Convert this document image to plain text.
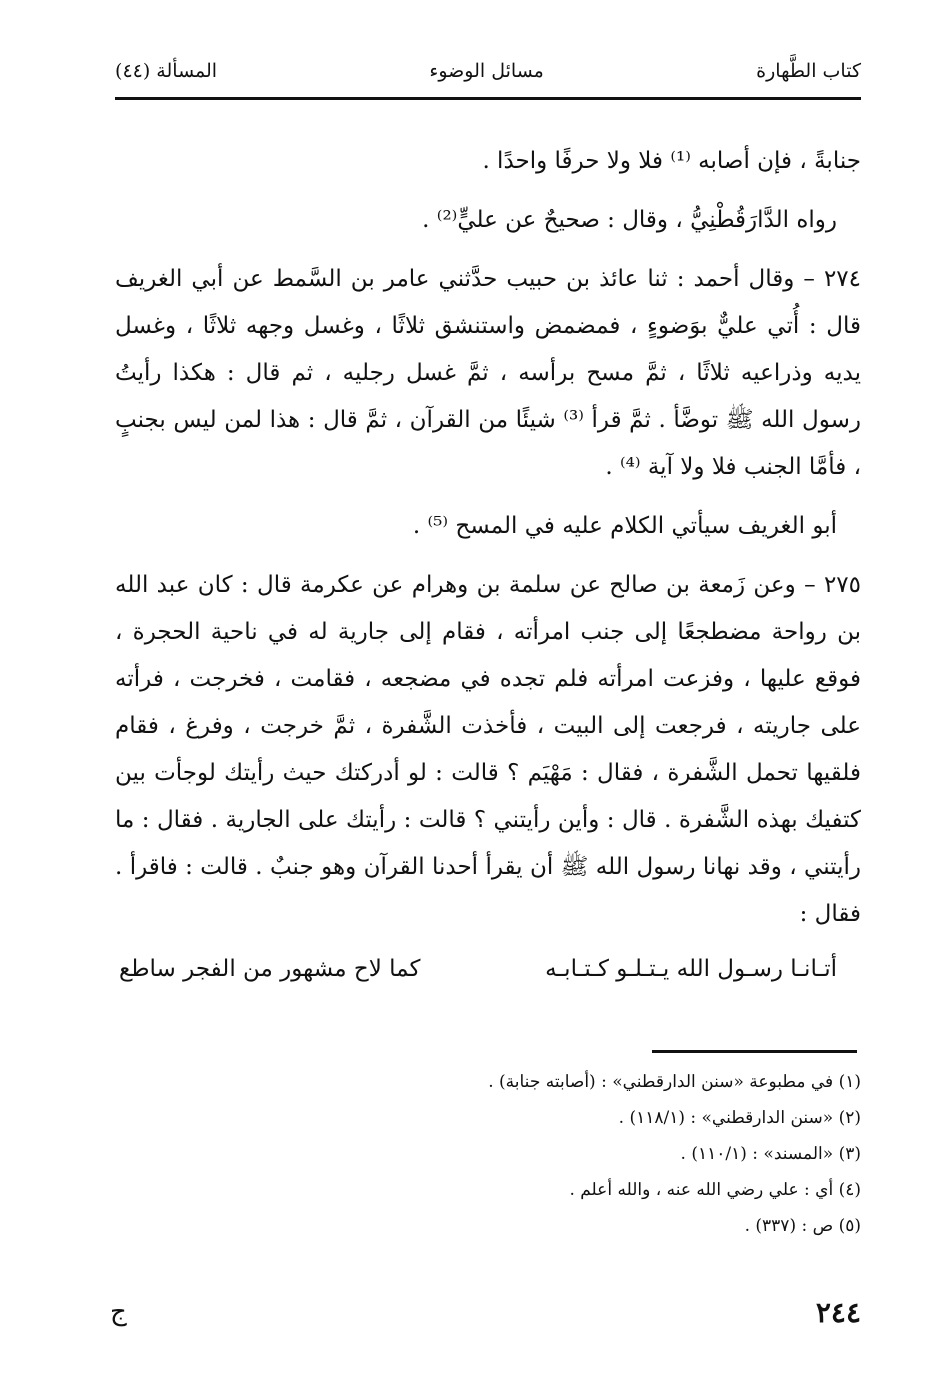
كتاب الطَّهارة
مسائل الوضوء
المسألة (٤٤)

جنابةً ، فإن أصابه ⁽¹⁾ فلا ولا حرفًا واحدًا .

رواه الدَّارَقُطْنِيُّ ، وقال : صحيحٌ عن عليٍّ⁽²⁾ .

٢٧٤ – وقال أحمد : ثنا عائذ بن حبيب حدَّثني عامر بن السَّمط عن أبي الغريف قال : أُتي عليٌّ بوَضوءٍ ، فمضمض واستنشق ثلاثًا ، وغسل وجهه ثلاثًا ، وغسل يديه وذراعيه ثلاثًا ، ثمَّ مسح برأسه ، ثمَّ غسل رجليه ، ثم قال : هكذا رأيتُ رسول الله ﷺ توضَّأ . ثمَّ قرأ ⁽³⁾ شيئًا من القرآن ، ثمَّ قال : هذا لمن ليس بجنبٍ ، فأمَّا الجنب فلا ولا آية ⁽⁴⁾ .

أبو الغريف سيأتي الكلام عليه في المسح ⁽⁵⁾ .

٢٧٥ – وعن زَمعة بن صالح عن سلمة بن وهرام عن عكرمة قال : كان عبد الله بن رواحة مضطجعًا إلى جنب امرأته ، فقام إلى جارية له في ناحية الحجرة ، فوقع عليها ، وفزعت امرأته فلم تجده في مضجعه ، فقامت ، فخرجت ، فرأته على جاريته ، فرجعت إلى البيت ، فأخذت الشَّفرة ، ثمَّ خرجت ، وفرغ ، فقام فلقيها تحمل الشَّفرة ، فقال : مَهْيَم ؟ قالت : لو أدركتك حيث رأيتك لوجأت بين كتفيك بهذه الشَّفرة . قال : وأين رأيتني ؟ قالت : رأيتك على الجارية . فقال : ما رأيتني ، وقد نهانا رسول الله ﷺ أن يقرأ أحدنا القرآن وهو جنبٌ . قالت : فاقرأ . فقال :

أتـانـا رسـول الله يـتـلـو كـتـابـه
كما لاح مشهور من الفجر ساطع
(١) في مطبوعة «سنن الدارقطني» : (أصابته جنابة) .
(٢) «سنن الدارقطني» : (١١٨/١) .
(٣) «المسند» : (١١٠/١) .
(٤) أي : علي رضي الله عنه ، والله أعلم .
(٥) ص : (٣٣٧) .
٢٤٤
ج
